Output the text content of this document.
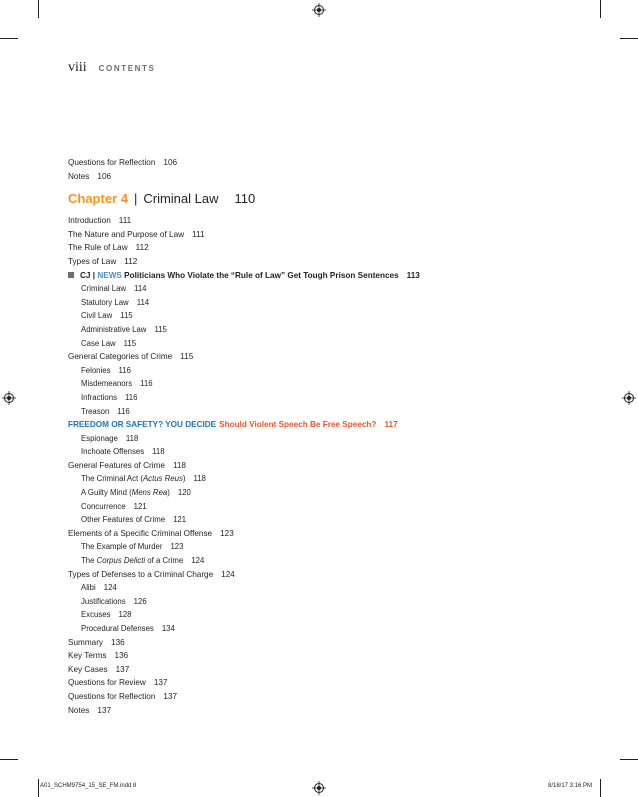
viii CONTENTS
Questions for Reflection 106
Notes 106
Chapter 4 | Criminal Law 110
Introduction 111
The Nature and Purpose of Law 111
The Rule of Law 112
Types of Law 112
CJ
|
NEWS
Politicians Who Violate the “Rule of Law” Get Tough Prison Sentences 113
Criminal Law 114
Statutory Law 114
Civil Law 115
Administrative Law 115
Case Law 115
General Categories of Crime 115
Felonies 116
Misdemeanors 116
Infractions 116
Treason 116
FREEDOM OR SAFETY? YOU DECIDE Should Violent Speech Be Free Speech? 117
Espionage 118
Inchoate Offenses 118
General Features of Crime 118
The Criminal Act (Actus Reus) 118
A Guilty Mind (Mens Rea) 120
Concurrence 121
Other Features of Crime 121
Elements of a Specific Criminal Offense 123
The Example of Murder 123
The Corpus Delicti of a Crime 124
Types of Defenses to a Criminal Charge 124
Alibi 124
Justifications 126
Excuses 128
Procedural Defenses 134
Summary 136
Key Terms 136
Key Cases 137
Questions for Review 137
Questions for Reflection 137
Notes 137
A01_SCHM9754_15_SE_FM.indd 8	8/18/17 3:16 PM
